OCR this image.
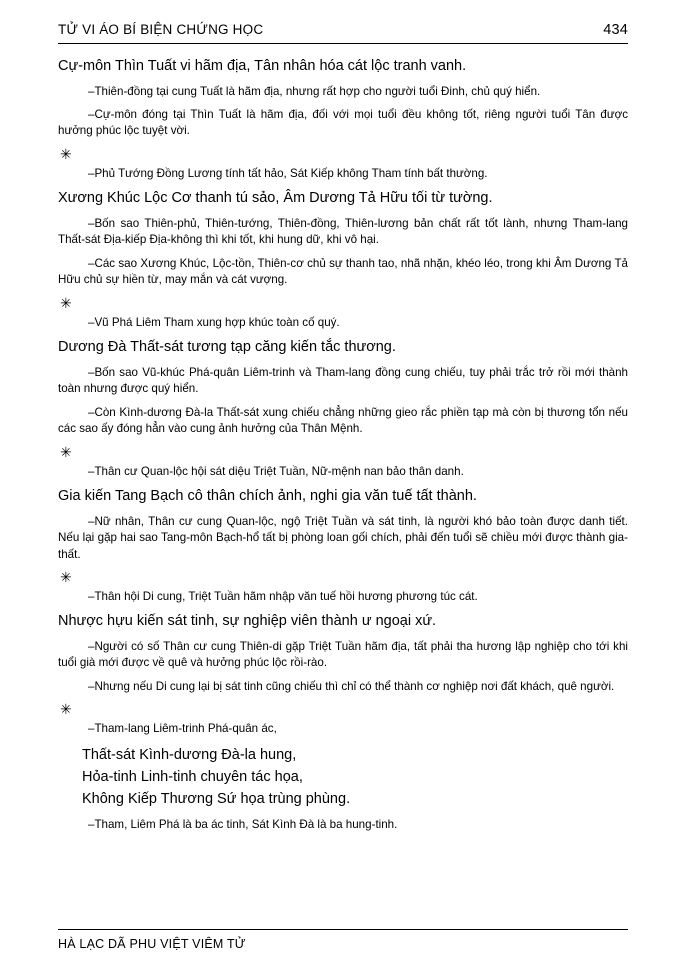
TỬ VI ÁO BÍ BIỆN CHỨNG HỌC	434
Cự-môn Thìn Tuất vi hãm địa, Tân nhân hóa cát lộc tranh vanh.
–Thiên-đồng tại cung Tuất là hãm địa, nhưng rất hợp cho người tuổi Đinh, chủ quý hiển.
–Cự-môn đóng tại Thìn Tuất là hãm địa, đối với mọi tuổi đều không tốt, riêng người tuổi Tân được hưởng phúc lộc tuyệt vời.
✳
–Phủ Tướng Đồng Lương tính tất hảo, Sát Kiếp không Tham tính bất thường.
Xương Khúc Lộc Cơ thanh tú sảo, Âm Dương Tả Hữu tối từ tường.
–Bốn sao Thiên-phủ, Thiên-tướng, Thiên-đồng, Thiên-lương bản chất rất tốt lành, nhưng Tham-lang Thất-sát Địa-kiếp Địa-không thì khi tốt, khi hung dữ, khi vô hại.
–Các sao Xương Khúc, Lộc-tồn, Thiên-cơ chủ sự thanh tao, nhã nhặn, khéo léo, trong khi Âm Dương Tả Hữu chủ sự hiền từ, may mắn và cát vượng.
✳
–Vũ Phá Liêm Tham xung hợp khúc toàn cố quý.
Dương Đà Thất-sát tương tạp căng kiến tắc thương.
–Bốn sao Vũ-khúc Phá-quân Liêm-trinh và Tham-lang đồng cung chiếu, tuy phải trắc trở rồi mới thành toàn nhưng được quý hiển.
–Còn Kình-dương Đà-la Thất-sát xung chiếu chẳng những gieo rắc phiền tạp mà còn bị thương tổn nếu các sao ấy đóng hẳn vào cung ảnh hưởng của Thân Mệnh.
✳
–Thân cư Quan-lộc hội sát diệu Triệt Tuần, Nữ-mệnh nan bảo thân danh.
Gia kiến Tang Bạch cô thân chích ảnh, nghi gia văn tuế tất thành.
–Nữ nhân, Thân cư cung Quan-lộc, ngộ Triệt Tuần và sát tinh, là người khó bảo toàn được danh tiết. Nếu lại gặp hai sao Tang-môn Bạch-hổ tất bị phòng loan gối chích, phải đến tuổi sẽ chiều mới được thành gia-thất.
✳
–Thân hội Di cung, Triệt Tuần hãm nhập văn tuế hồi hương phương túc cát.
Nhược hựu kiến sát tinh, sự nghiệp viên thành ư ngoại xứ.
–Người có số Thân cư cung Thiên-di gặp Triệt Tuần hãm địa, tất phải tha hương lập nghiệp cho tới khi tuổi già mới được về quê và hưởng phúc lộc rồi-rào.
–Nhưng nếu Di cung lại bị sát tinh cũng chiếu thì chỉ có thể thành cơ nghiệp nơi đất khách, quê người.
✳
–Tham-lang Liêm-trinh Phá-quân ác,
Thất-sát Kình-dương Đà-la hung,
Hỏa-tinh Linh-tinh chuyên tác họa,
Không Kiếp Thương Sứ họa trùng phùng.
–Tham, Liêm Phá là ba ác tinh, Sát Kình Đà là ba hung-tinh.
HÀ LẠC DÃ PHU VIỆT VIÊM TỬ
